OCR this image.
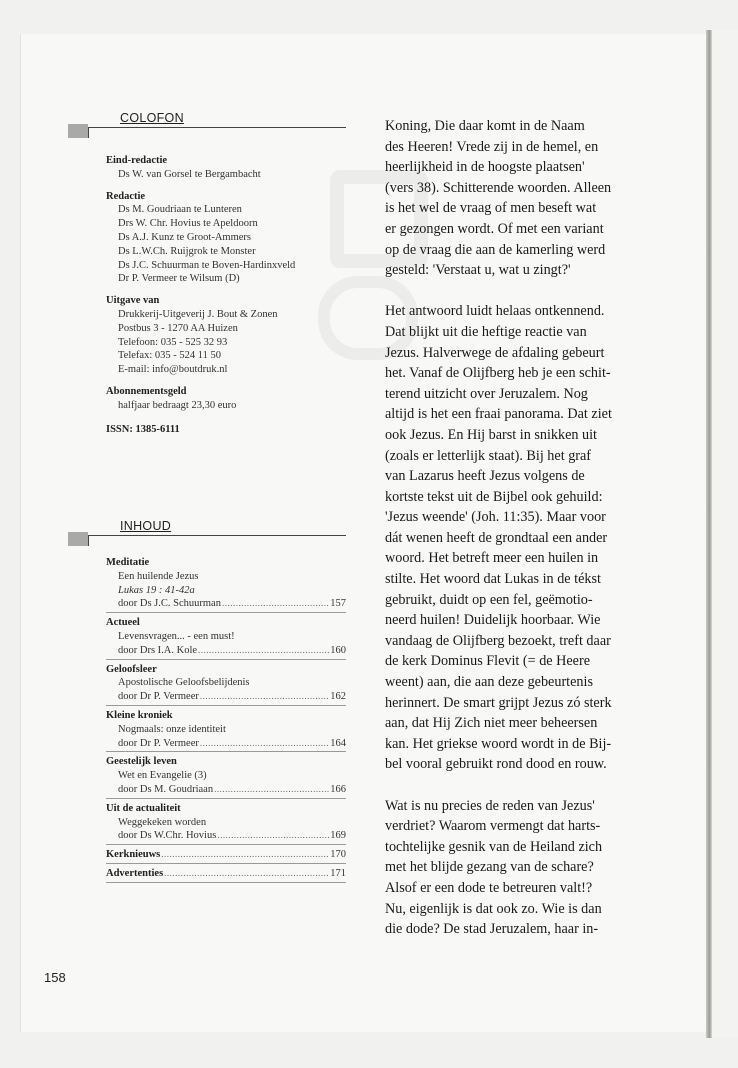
COLOFON
Eind-redactie
Ds W. van Gorsel te Bergambacht
Redactie
Ds M. Goudriaan te Lunteren
Drs W. Chr. Hovius te Apeldoorn
Ds A.J. Kunz te Groot-Ammers
Ds L.W.Ch. Ruijgrok te Monster
Ds J.C. Schuurman te Boven-Hardinxveld
Dr P. Vermeer te Wilsum (D)
Uitgave van
Drukkerij-Uitgeverij J. Bout & Zonen
Postbus 3 - 1270 AA Huizen
Telefoon: 035 - 525 32 93
Telefax: 035 - 524 11 50
E-mail: info@boutdruk.nl
Abonnementsgeld
halfjaar bedraagt 23,30 euro
ISSN: 1385-6111
INHOUD
Meditatie
Een huilende Jezus
Lukas 19 : 41-42a
door Ds J.C. Schuurman .....	157
Actueel
Levensvragen... - een must!
door Drs I.A. Kole .....	160
Geloofsleer
Apostolische Geloofsbelijdenis
door Dr P. Vermeer .....	162
Kleine kroniek
Nogmaals: onze identiteit
door Dr P. Vermeer .....	164
Geestelijk leven
Wet en Evangelie (3)
door Ds M. Goudriaan .....	166
Uit de actualiteit
Weggekeken worden
door Ds W.Chr. Hovius .....	169
Kerknieuws .....	170
Advertenties .....	171
Koning, Die daar komt in de Naam
des Heeren! Vrede zij in de hemel, en
heerlijkheid in de hoogste plaatsen'
(vers 38). Schitterende woorden. Alleen
is het wel de vraag of men beseft wat
er gezongen wordt. Of met een variant
op de vraag die aan de kamerling werd
gesteld: 'Verstaat u, wat u zingt?'
Het antwoord luidt helaas ontkennend.
Dat blijkt uit die heftige reactie van
Jezus. Halverwege de afdaling gebeurt
het. Vanaf de Olijfberg heb je een schit-
terend uitzicht over Jeruzalem. Nog
altijd is het een fraai panorama. Dat ziet
ook Jezus. En Hij barst in snikken uit
(zoals er letterlijk staat). Bij het graf
van Lazarus heeft Jezus volgens de
kortste tekst uit de Bijbel ook gehuild:
'Jezus weende' (Joh. 11:35). Maar voor
dát wenen heeft de grondtaal een ander
woord. Het betreft meer een huilen in
stilte. Het woord dat Lukas in de tékst
gebruikt, duidt op een fel, geëmotio-
neerd huilen! Duidelijk hoorbaar. Wie
vandaag de Olijfberg bezoekt, treft daar
de kerk Dominus Flevit (= de Heere
weent) aan, die aan deze gebeurtenis
herinnert. De smart grijpt Jezus zó sterk
aan, dat Hij Zich niet meer beheersen
kan. Het griekse woord wordt in de Bij-
bel vooral gebruikt rond dood en rouw.
Wat is nu precies de reden van Jezus'
verdriet? Waarom vermengt dat harts-
tochtelijke gesnik van de Heiland zich
met het blijde gezang van de schare?
Alsof er een dode te betreuren valt!?
Nu, eigenlijk is dat ook zo. Wie is dan
die dode? De stad Jeruzalem, haar in-
158
